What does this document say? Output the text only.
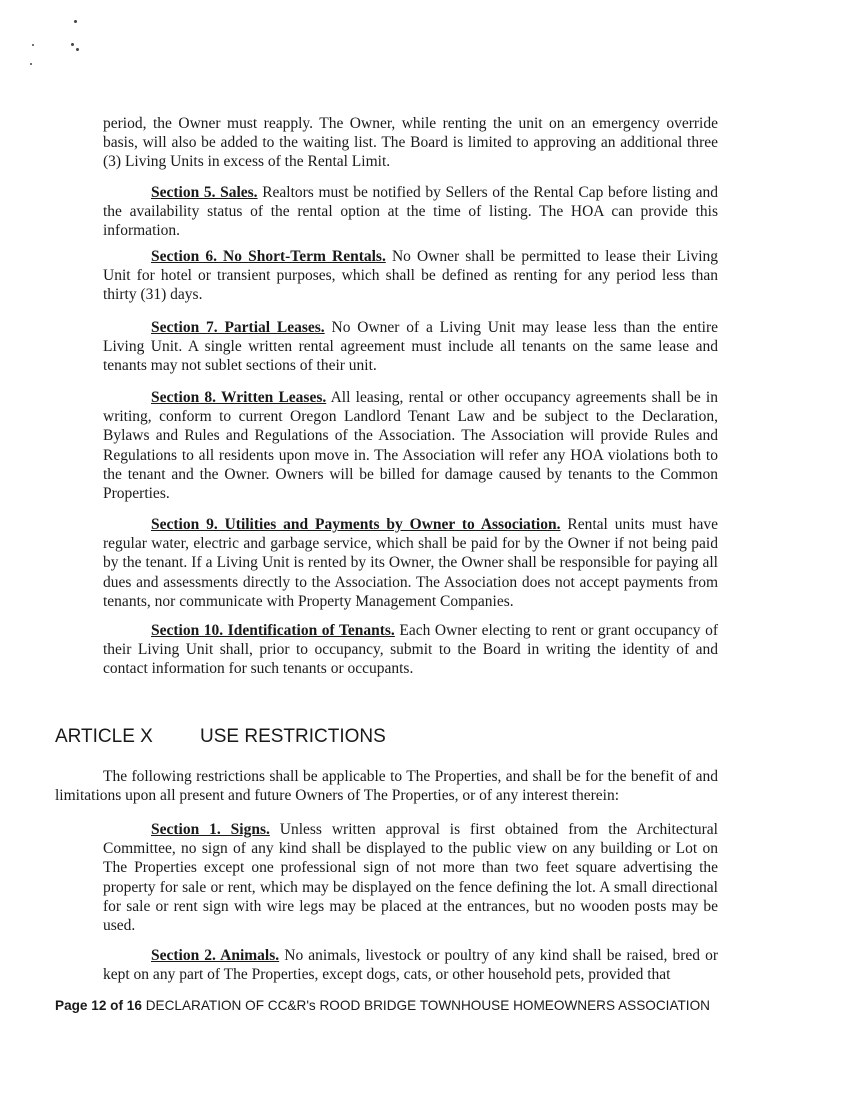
period, the Owner must reapply. The Owner, while renting the unit on an emergency override basis, will also be added to the waiting list. The Board is limited to approving an additional three (3) Living Units in excess of the Rental Limit.

Section 5. Sales. Realtors must be notified by Sellers of the Rental Cap before listing and the availability status of the rental option at the time of listing. The HOA can provide this information.

Section 6. No Short-Term Rentals. No Owner shall be permitted to lease their Living Unit for hotel or transient purposes, which shall be defined as renting for any period less than thirty (31) days.

Section 7. Partial Leases. No Owner of a Living Unit may lease less than the entire Living Unit. A single written rental agreement must include all tenants on the same lease and tenants may not sublet sections of their unit.

Section 8. Written Leases. All leasing, rental or other occupancy agreements shall be in writing, conform to current Oregon Landlord Tenant Law and be subject to the Declaration, Bylaws and Rules and Regulations of the Association. The Association will provide Rules and Regulations to all residents upon move in. The Association will refer any HOA violations both to the tenant and the Owner. Owners will be billed for damage caused by tenants to the Common Properties.

Section 9. Utilities and Payments by Owner to Association. Rental units must have regular water, electric and garbage service, which shall be paid for by the Owner if not being paid by the tenant. If a Living Unit is rented by its Owner, the Owner shall be responsible for paying all dues and assessments directly to the Association. The Association does not accept payments from tenants, nor communicate with Property Management Companies.

Section 10. Identification of Tenants. Each Owner electing to rent or grant occupancy of their Living Unit shall, prior to occupancy, submit to the Board in writing the identity of and contact information for such tenants or occupants.

ARTICLE X USE RESTRICTIONS

The following restrictions shall be applicable to The Properties, and shall be for the benefit of and limitations upon all present and future Owners of The Properties, or of any interest therein:

Section 1. Signs. Unless written approval is first obtained from the Architectural Committee, no sign of any kind shall be displayed to the public view on any building or Lot on The Properties except one professional sign of not more than two feet square advertising the property for sale or rent, which may be displayed on the fence defining the lot. A small directional for sale or rent sign with wire legs may be placed at the entrances, but no wooden posts may be used.

Section 2. Animals. No animals, livestock or poultry of any kind shall be raised, bred or kept on any part of The Properties, except dogs, cats, or other household pets, provided that

Page 12 of 16 DECLARATION OF CC&R's ROOD BRIDGE TOWNHOUSE HOMEOWNERS ASSOCIATION
